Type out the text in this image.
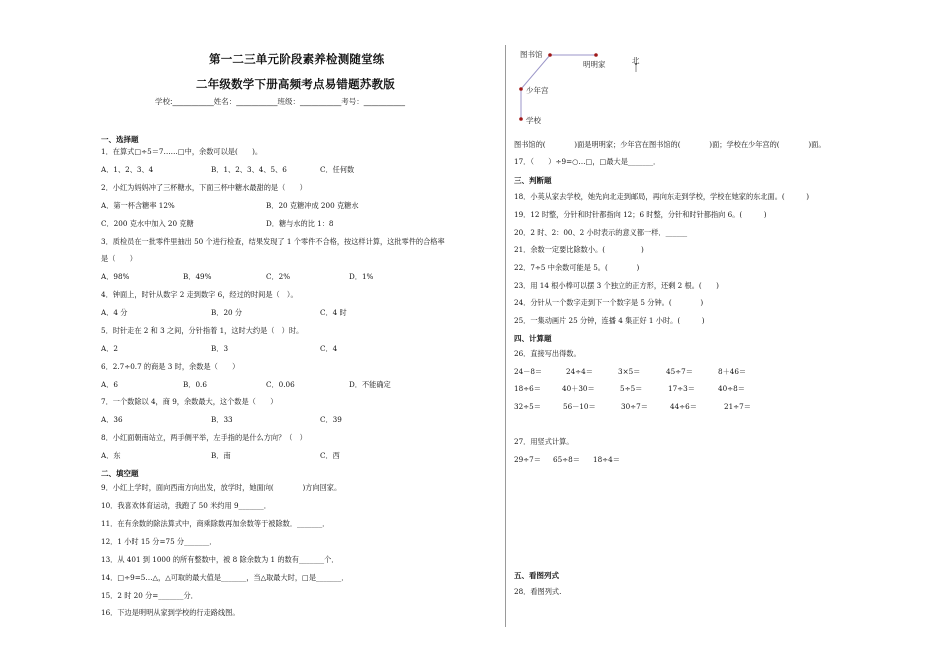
第一二三单元阶段素养检测随堂练
二年级数学下册高频考点易错题苏教版
学校:___________姓名：___________班级：___________考号：___________
一、选择题
1．在算式□÷5＝7……□中，余数可以是(　　)。
A．1、2、3、4	B．1、2、3、4、5、6	C．任何数
2．小红为妈妈冲了三杯糖水，下面三杯中糖水最甜的是（　　）
A．第一杯含糖率 12%	B．20 克糖冲成 200 克糖水
C．200 克水中加入 20 克糖	D．糖与水的比 1：8
3．质检员在一批零件里抽出 50 个进行检查，结果发现了 1 个零件不合格，按这样计算，这批零件的合格率
是（　　）
A．98%	B．49%	C．2%	D．1%
4．钟面上，时针从数字 2 走到数字 6，经过的时间是（　）。
A．4 分	B．20 分	C．4 时
5．时针走在 2 和 3 之间，分针指着 1，这时大约是（　）时。
A．2	B．3	C．4
6．2.7÷0.7 的商是 3 时，余数是（　　）
A．6	B．0.6	C．0.06	D．不能确定
7．一个数除以 4，商 9，余数最大，这个数是（　　）
A．36	B．33	C．39
8．小红面朝南站立，两手侧平举，左手指的是什么方向？（　）
A．东	B．南	C．西
二、填空题
9．小红上学时，面向西南方向出发，放学时，她面向(　　　　)方向回家。
10．我喜欢体育运动，我跑了 50 米约用 9_______．
11．在有余数的除法算式中，商乘除数再加余数等于被除数．_______．
12．1 小时 15 分=75 分_______．
13．从 401 到 1000 的所有整数中，被 8 除余数为 1 的数有_______个．
14．□÷9=5…△，△可取的最大值是_______，当△取最大时，□是_______．
15．2 时 20 分=_______分．
16．下边是明明从家到学校的行走路线图。
图书馆
明明家
少年宫
学校
北
图书馆的(　　　　)面是明明家；少年宫在图书馆的(　　　　)面；学校在少年宫的(　　　　)面。
17．（　　）÷9=○…□，□最大是_______．
三、判断题
18．小英从家去学校，她先向北走到邮局，再向东走到学校，学校在她家的东北面。(　　　)
19．12 时整，分针和时针都指向 12；6 时整，分针和时针都指向 6。(　　　)
20．2 时、2：00、2 小时表示的意义都一样．______
21．余数一定要比除数小。(　　　　　)
22．7÷5 中余数可能是 5。(　　　　)
23．用 14 根小棒可以摆 3 个独立的正方形，还剩 2 根。(　　)
24．分针从一个数字走到下一个数字是 5 分钟。(　　　　)
25．一集动画片 25 分钟，连播 4 集正好 1 小时。(　　　)
四、计算题
26．直接写出得数。
24－8＝	24÷4＝	3×5＝	45÷7＝	8＋46＝
18÷6＝	40＋30＝	5÷5＝	17÷3＝	40÷8＝
32÷5＝	56－10＝	30÷7＝	44÷6＝	21÷7＝
27．用竖式计算。
29÷7＝ 65÷8＝ 18÷4＝
五、看图列式
28．看图列式.
